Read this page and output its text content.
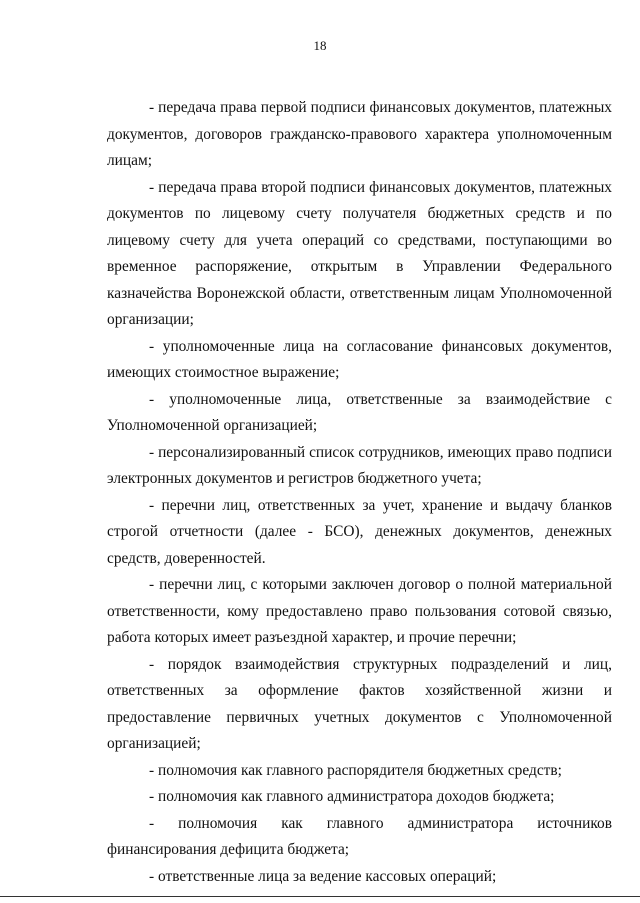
18

- передача права первой подписи финансовых документов, платежных документов, договоров гражданско-правового характера уполномоченным лицам;

- передача права второй подписи финансовых документов, платежных документов по лицевому счету получателя бюджетных средств и по лицевому счету для учета операций со средствами, поступающими во временное распоряжение, открытым в Управлении Федерального казначейства Воронежской области, ответственным лицам Уполномоченной организации;

- уполномоченные лица на согласование финансовых документов, имеющих стоимостное выражение;

- уполномоченные лица, ответственные за взаимодействие с Уполномоченной организацией;

- персонализированный список сотрудников, имеющих право подписи электронных документов и регистров бюджетного учета;

- перечни лиц, ответственных за учет, хранение и выдачу бланков строгой отчетности (далее - БСО), денежных документов, денежных средств, доверенностей.

- перечни лиц, с которыми заключен договор о полной материальной ответственности, кому предоставлено право пользования сотовой связью, работа которых имеет разъездной характер, и прочие перечни;

- порядок взаимодействия структурных подразделений и лиц, ответственных за оформление фактов хозяйственной жизни и предоставление первичных учетных документов с Уполномоченной организацией;

- полномочия как главного распорядителя бюджетных средств;

- полномочия как главного администратора доходов бюджета;

- полномочия как главного администратора источников финансирования дефицита бюджета;

- ответственные лица за ведение кассовых операций;
